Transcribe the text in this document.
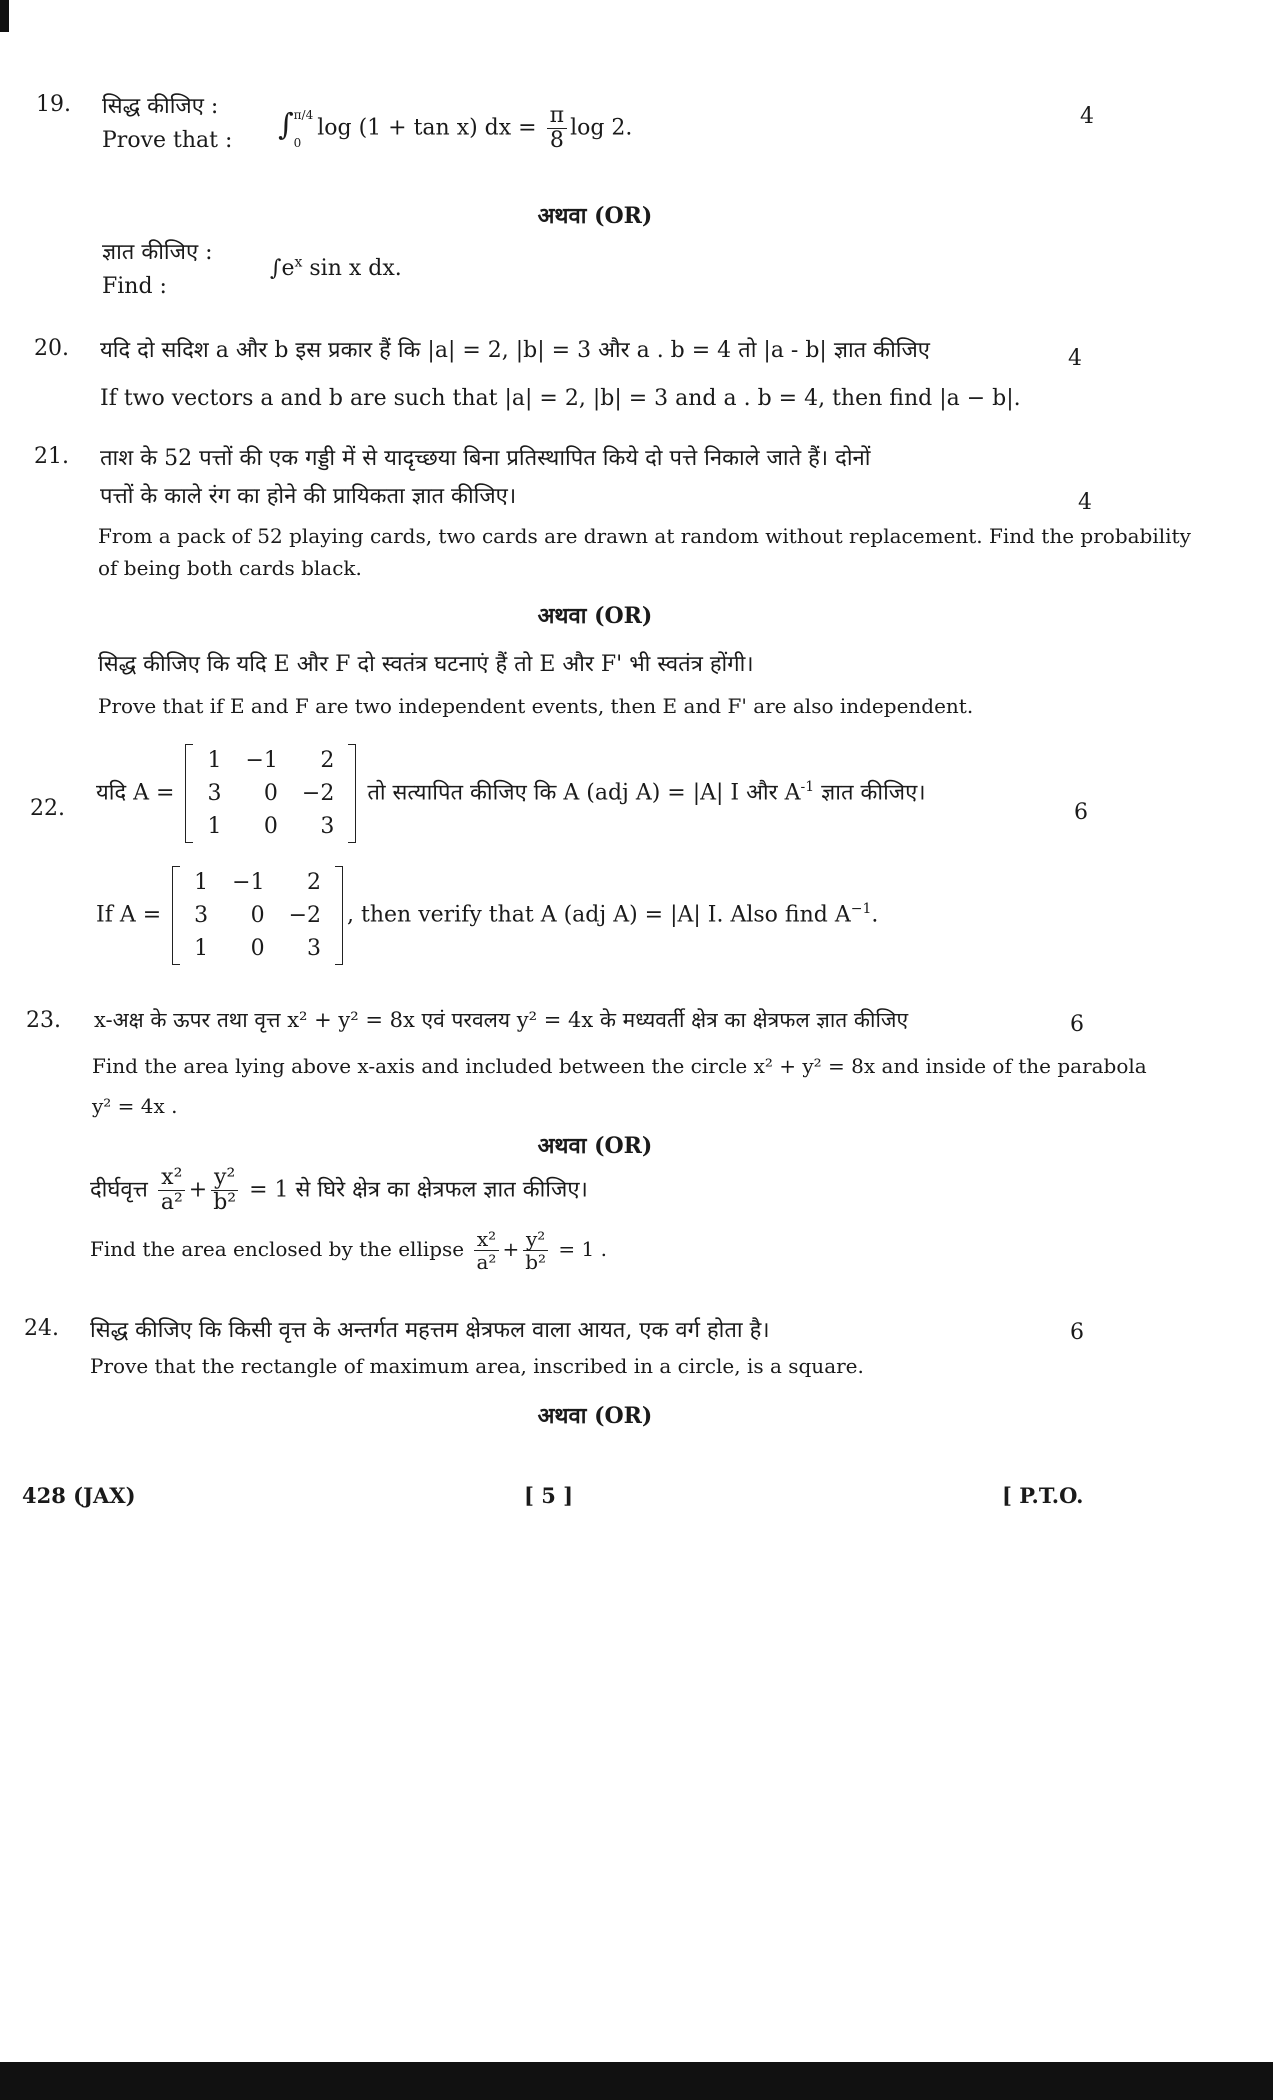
19. सिद्ध कीजिए :
Prove that : ∫ π/4
0
log (1 + tan x) dx = $\frac{\pi}{8}$ log 2.	4
अथवा (OR)
ज्ञात कीजिए :
Find :
$\int e^x$ sin x dx.
20. यदि दो सदिश a और b इस प्रकार हैं कि |a| = 2, |b| = 3 और a . b = 4 तो |a - b| ज्ञात कीजिए	4
If two vectors a and b are such that |a| = 2, |b| = 3 and a . b = 4, then find |a − b|.
21. ताश के 52 पत्तों की एक गड्डी में से यादृच्छया बिना प्रतिस्थापित किये दो पत्ते निकाले जाते हैं। दोनों
पत्तों के काले रंग का होने की प्रायिकता ज्ञात कीजिए।	4
From a pack of 52 playing cards, two cards are drawn at random without replacement. Find the probability
of being both cards black.
अथवा (OR)
सिद्ध कीजिए कि यदि E और F दो स्वतंत्र घटनाएं हैं तो E और F' भी स्वतंत्र होंगी।
Prove that if E and F are two independent events, then E and F' are also independent.
22.
यदि A =
1	−1	2
3	0	−2
1	0	3
तो सत्यापित कीजिए कि A (adj A) = |A| I और $A^{-1}$ ज्ञात कीजिए।
6
If A =
1	−1	2
3	0	−2
1	0	3
, then verify that A (adj A) = |A| I. Also find $A^{-1}$.
23. x-अक्ष के ऊपर तथा वृत्त x² + y² = 8x एवं परवलय y² = 4x के मध्यवर्ती क्षेत्र का क्षेत्रफल ज्ञात कीजिए	6
Find the area lying above x-axis and included between the circle x² + y² = 8x and inside of the parabola
y² = 4x .
अथवा (OR)
दीर्घवृत्त $\frac{\text{x²}}{\text{a²}} + \frac{\text{y²}}{\text{b²}} = 1$ से घिरे क्षेत्र का क्षेत्रफल ज्ञात कीजिए।
Find the area enclosed by the ellipse $\frac{\text{x²}}{\text{a²}} + \frac{\text{y²}}{\text{b²}} = 1$ .
24. सिद्ध कीजिए कि किसी वृत्त के अन्तर्गत महत्तम क्षेत्रफल वाला आयत, एक वर्ग होता है।	6
Prove that the rectangle of maximum area, inscribed in a circle, is a square.
अथवा (OR)
428 (JAX)	[ 5 ]	[ P.T.O.
